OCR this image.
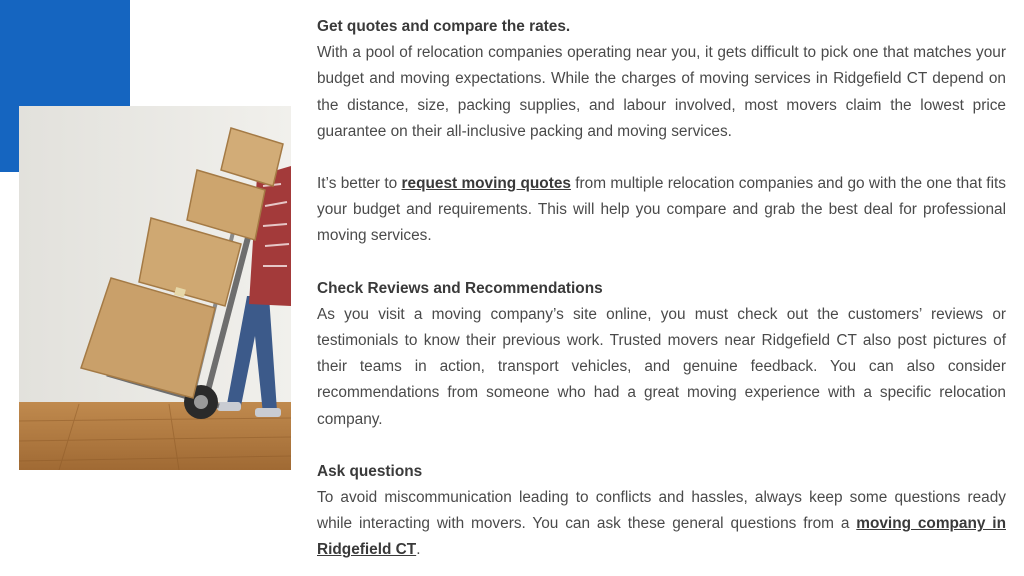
Get quotes and compare the rates.

With a pool of relocation companies operating near you, it gets difficult to pick one that matches your budget and moving expectations. While the charges of moving services in Ridgefield CT depend on the distance, size, packing supplies, and labour involved, most movers claim the lowest price guarantee on their all-inclusive packing and moving services.

It’s better to request moving quotes from multiple relocation companies and go with the one that fits your budget and requirements. This will help you compare and grab the best deal for professional moving services.

Check Reviews and Recommendations

As you visit a moving company’s site online, you must check out the customers’ reviews or testimonials to know their previous work. Trusted movers near Ridgefield CT also post pictures of their teams in action, transport vehicles, and genuine feedback. You can also consider recommendations from someone who had a great moving experience with a specific relocation company.

Ask questions

To avoid miscommunication leading to conflicts and hassles, always keep some questions ready while interacting with movers. You can ask these general questions from a moving company in Ridgefield CT.
